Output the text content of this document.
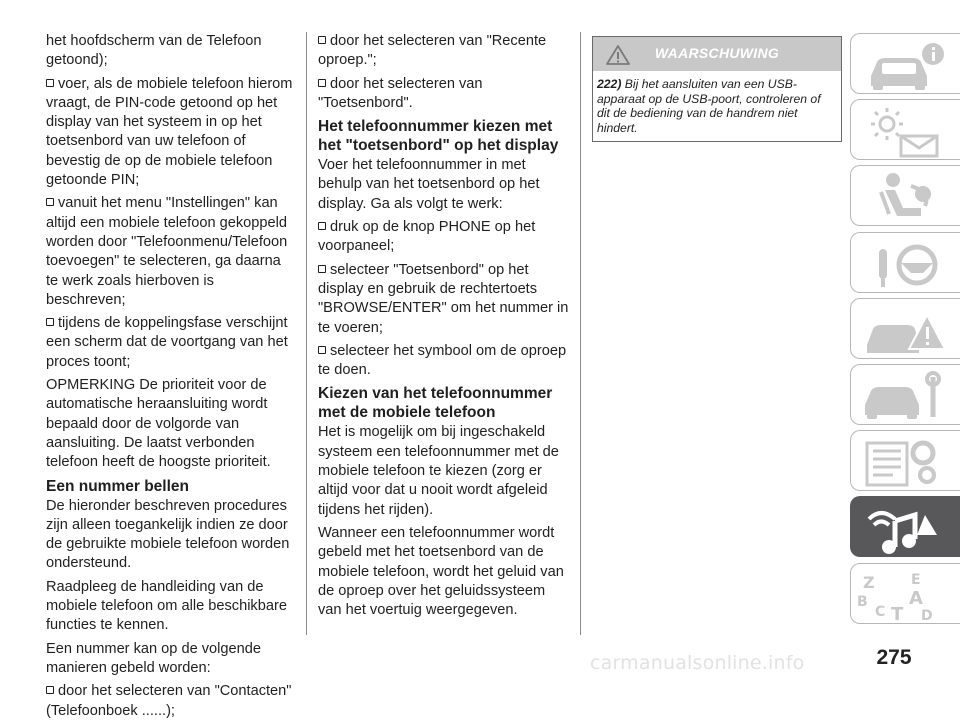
het hoofdscherm van de Telefoon getoond);
voer, als de mobiele telefoon hierom vraagt, de PIN-code getoond op het display van het systeem in op het toetsenbord van uw telefoon of bevestig de op de mobiele telefoon getoonde PIN;
vanuit het menu "Instellingen" kan altijd een mobiele telefoon gekoppeld worden door "Telefoonmenu/Telefoon toevoegen" te selecteren, ga daarna te werk zoals hierboven is beschreven;
tijdens de koppelingsfase verschijnt een scherm dat de voortgang van het proces toont;
OPMERKING De prioriteit voor de automatische heraansluiting wordt bepaald door de volgorde van aansluiting. De laatst verbonden telefoon heeft de hoogste prioriteit.
Een nummer bellen
De hieronder beschreven procedures zijn alleen toegankelijk indien ze door de gebruikte mobiele telefoon worden ondersteund.
Raadpleeg de handleiding van de mobiele telefoon om alle beschikbare functies te kennen.
Een nummer kan op de volgende manieren gebeld worden:
door het selecteren van "Contacten" (Telefoonboek ......);
door het selecteren van "Recente oproep.";
door het selecteren van "Toetsenbord".
Het telefoonnummer kiezen met het "toetsenbord" op het display
Voer het telefoonnummer in met behulp van het toetsenbord op het display. Ga als volgt te werk:
druk op de knop PHONE op het voorpaneel;
selecteer "Toetsenbord" op het display en gebruik de rechtertoets "BROWSE/ENTER" om het nummer in te voeren;
selecteer het symbool om de oproep te doen.
Kiezen van het telefoonnummer met de mobiele telefoon
Het is mogelijk om bij ingeschakeld systeem een telefoonnummer met de mobiele telefoon te kiezen (zorg er altijd voor dat u nooit wordt afgeleid tijdens het rijden).
Wanneer een telefoonnummer wordt gebeld met het toetsenbord van de mobiele telefoon, wordt het geluid van de oproep over het geluidssysteem van het voertuig weergegeven.
WAARSCHUWING
222) Bij het aansluiten van een USB-apparaat op de USB-poort, controleren of dit de bediening van de handrem niet hindert.
Z	E
B A
C T D
275
carmanualsonline.info
